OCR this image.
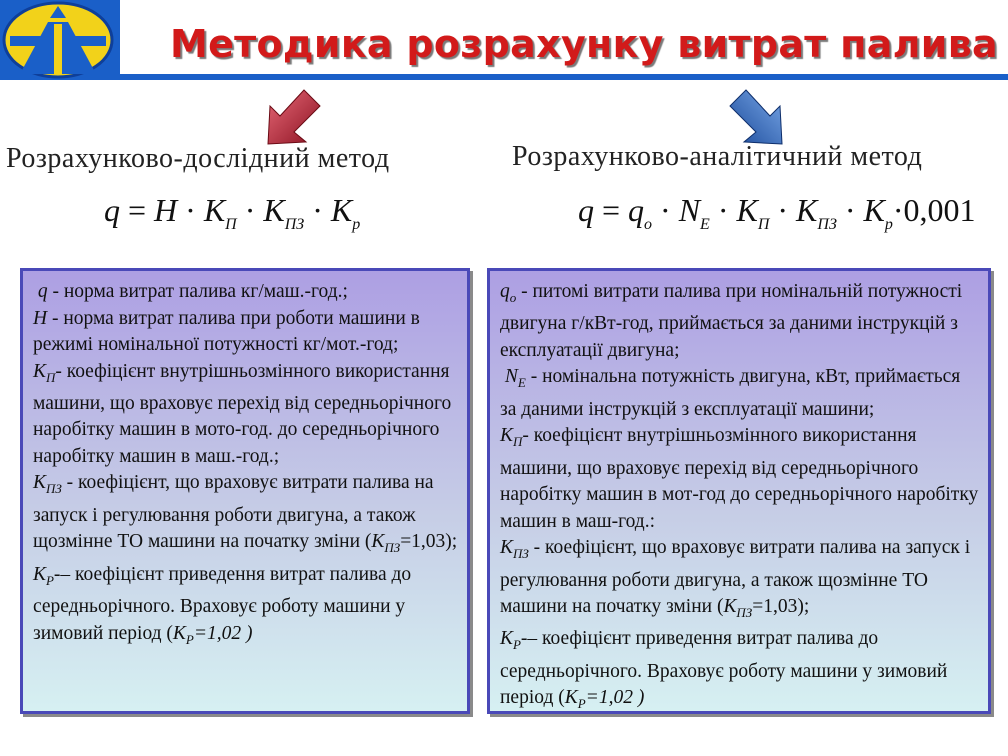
Методика розрахунку витрат палива
Розрахунково-дослідний метод	Розрахунково-аналітичний метод
$q = H \cdot K_П \cdot K_{ПЗ} \cdot K_р$	$q = q_о \cdot N_Е \cdot K_П \cdot K_{ПЗ} \cdot K_р\cdot 0,001$

q - норма витрат палива кг/маш.-год.;

H - норма витрат палива при роботи машини в режимі номінальної потужності кг/мот.-год;

$К_П-$ коефіцієнт внутрішньозмінного використання машини, що враховує перехід від середньорічного наробітку машин в мото-год. до середньорічного наробітку машин в маш.-год.;

$К_{ПЗ}$ - коефіцієнт, що враховує витрати палива на запуск і регулювання роботи двигуна, а також щозмінне ТО машини на початку зміни $(К_{ПЗ}=1,03)$;

$К_Р--$ коефіцієнт приведення витрат палива до середньорічного. Враховує роботу машини у зимовий період ($К_Р=1,02$ )

$q_о$ - питомі витрати палива при номінальній потужності двигуна г/кВт-год, приймається за даними інструкцій з експлуатації двигуна;

$N_Е$ - номінальна потужність двигуна, кВт, приймається за даними інструкцій з експлуатації машини;

$К_П-$ коефіцієнт внутрішньозмінного використання машини, що враховує перехід від середньорічного наробітку машин в мот-год до середньорічного наробітку машин в маш-год.:

$К_{ПЗ}$ - коефіцієнт, що враховує витрати палива на запуск і регулювання роботи двигуна, а також щозмінне ТО машини на початку зміни $(К_{ПЗ}=1,03)$;

$К_Р--$ коефіцієнт приведення витрат палива до середньорічного. Враховує роботу машини у зимовий період ($К_Р=1,02$ )
